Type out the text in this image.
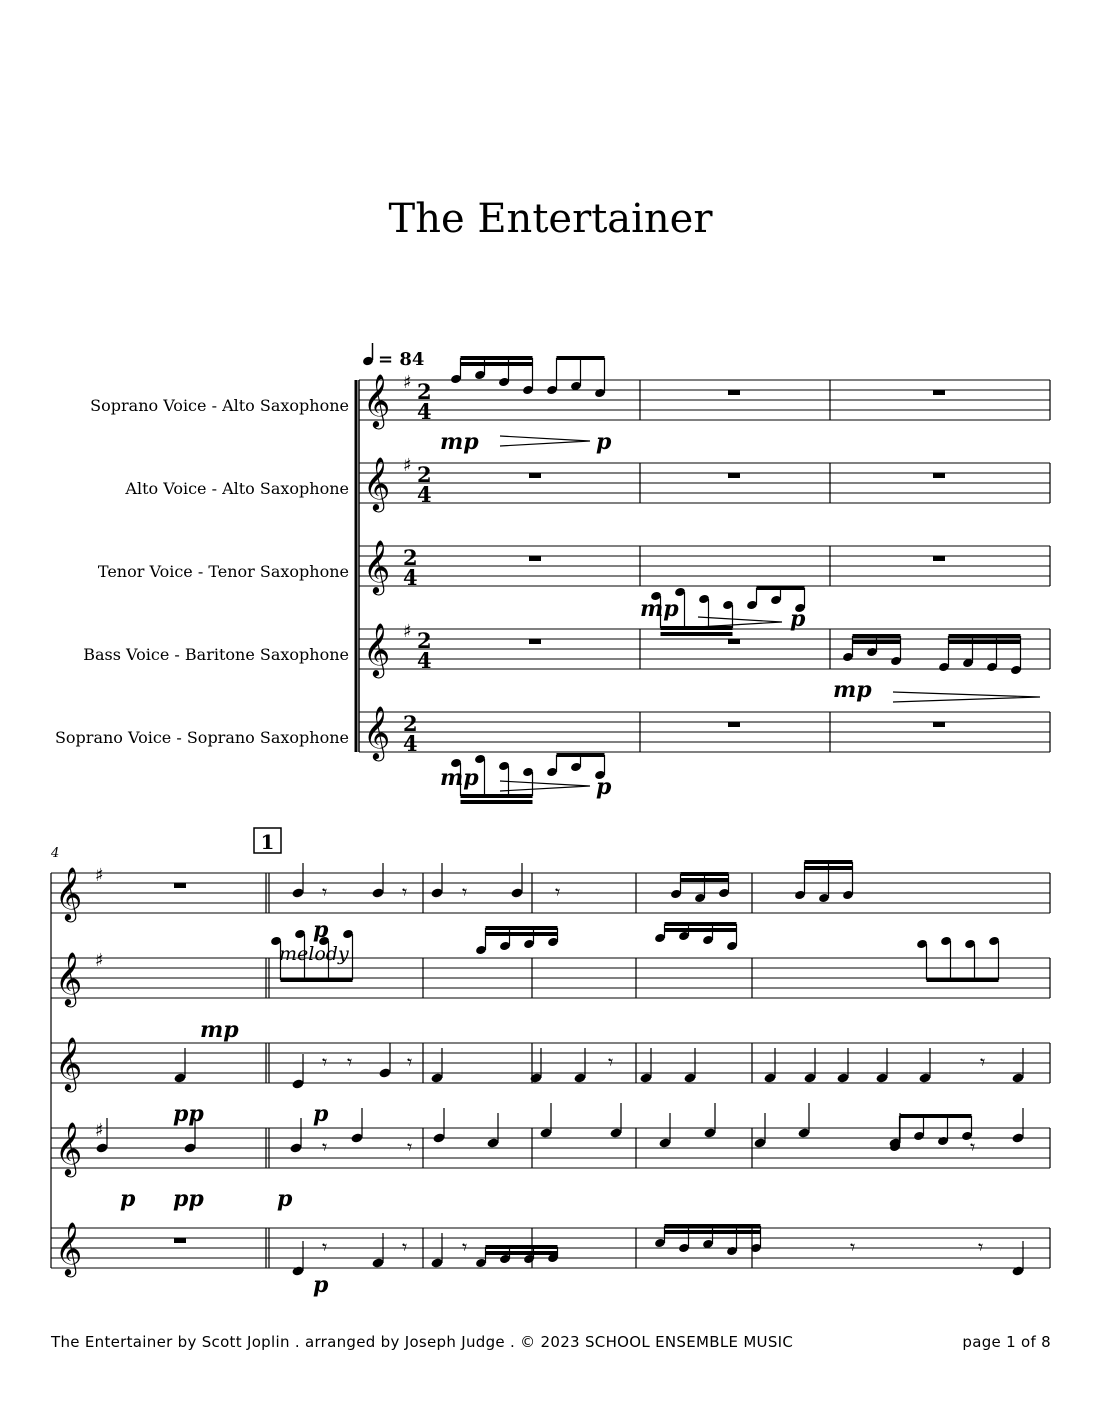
The Entertainer
Soprano Voice - Alto Saxophone
Alto Voice - Alto Saxophone
Tenor Voice - Tenor Saxophone
Bass Voice - Baritone Saxophone
Soprano Voice - Soprano Saxophone
= 84
𝄞 ♯ 2
4
𝄞 ♯ 2
4
𝄞 2
4
𝄞 ♯ 2
4
𝄞 2
4
𝄞 ♯
𝄞 ♯
𝄞
𝄞 ♯
𝄞
𝄾 𝄾	𝄾	𝄾	𝄾
𝄾	𝄾	𝄾
𝄾	𝄾	𝄾	𝄾
𝄾	𝄾	𝄾	𝄾	𝄾
1
4
melody
mp	p
mp	p
mp
mp	p
p
mp
pp	p
p pp	p
p
The Entertainer by Scott Joplin . arranged by Joseph Judge . © 2023 SCHOOL ENSEMBLE MUSIC	page 1 of 8
